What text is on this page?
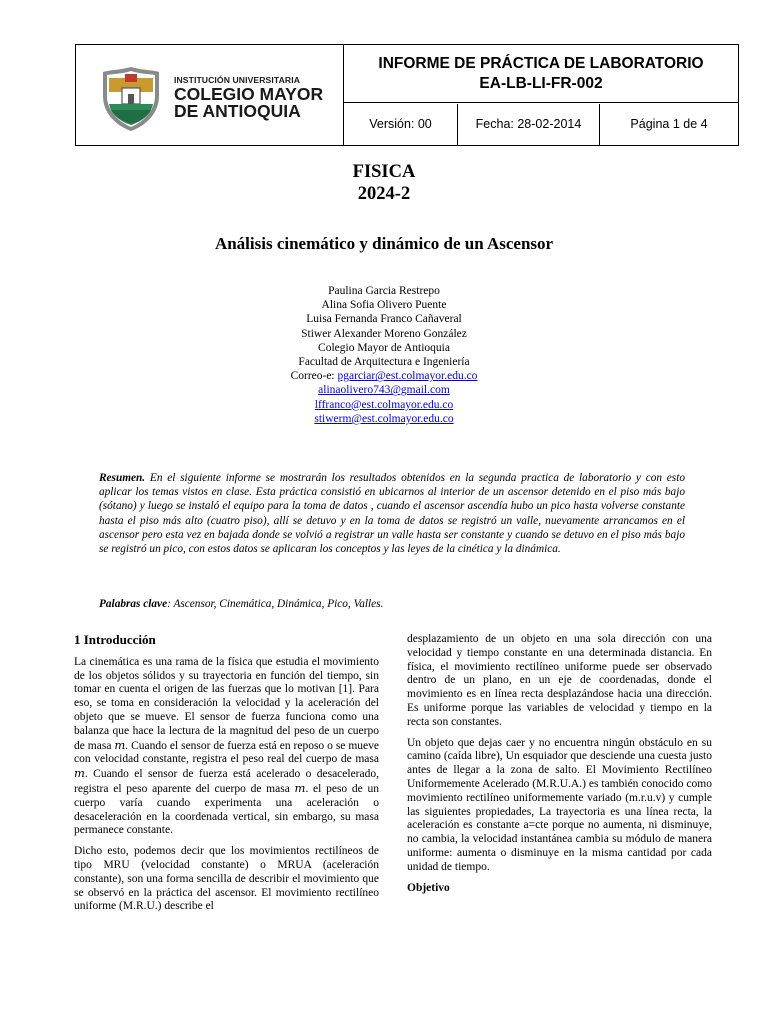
INSTITUCIÓN UNIVERSITARIA
COLEGIO MAYOR
DE ANTIOQUIA
INFORME DE PRÁCTICA DE LABORATORIO
EA-LB-LI-FR-002
Versión: 00	Fecha: 28-02-2014	Página 1 de 4
FISICA
2024-2
Análisis cinemático y dinámico de un Ascensor
Paulina Garcia Restrepo
Alina Sofia Olivero Puente
Luisa Fernanda Franco Cañaveral
Stiwer Alexander Moreno González
Colegio Mayor de Antioquia
Facultad de Arquitectura e Ingeniería
Correo-e: pgarciar@est.colmayor.edu.co
alinaolivero743@gmail.com
lffranco@est.colmayor.edu.co
stiwerm@est.colmayor.edu.co
Resumen. En el siguiente informe se mostrarán los resultados obtenidos en la segunda practica de laboratorio y con esto aplicar los temas vistos en clase. Esta práctica consistió en ubicarnos al interior de un ascensor detenido en el piso más bajo (sótano) y luego se instaló el equipo para la toma de datos , cuando el ascensor ascendía hubo un pico hasta volverse constante hasta el piso más alto (cuatro piso), allí se detuvo y en la toma de datos se registró un valle, nuevamente arrancamos en el ascensor pero esta vez en bajada donde se volvió a registrar un valle hasta ser constante y cuando se detuvo en el piso más bajo se registró un pico, con estos datos se aplicaran los conceptos y las leyes de la cinética y la dinámica.
Palabras clave: Ascensor, Cinemática, Dinámica, Pico, Valles.
1 Introducción

La cinemática es una rama de la física que estudia el movimiento de los objetos sólidos y su trayectoria en función del tiempo, sin tomar en cuenta el origen de las fuerzas que lo motivan [1]. Para eso, se toma en consideración la velocidad y la aceleración del objeto que se mueve. El sensor de fuerza funciona como una balanza que hace la lectura de la magnitud del peso de un cuerpo de masa m. Cuando el sensor de fuerza está en reposo o se mueve con velocidad constante, registra el peso real del cuerpo de masa m. Cuando el sensor de fuerza está acelerado o desacelerado, registra el peso aparente del cuerpo de masa m. el peso de un cuerpo varía cuando experimenta una aceleración o desaceleración en la coordenada vertical, sin embargo, su masa permanece constante.

Dicho esto, podemos decir que los movimientos rectilíneos de tipo MRU (velocidad constante) o MRUA (aceleración constante), son una forma sencilla de describir el movimiento que se observó en la práctica del ascensor. El movimiento rectilíneo uniforme (M.R.U.) describe el

desplazamiento de un objeto en una sola dirección con una velocidad y tiempo constante en una determinada distancia. En física, el movimiento rectilíneo uniforme puede ser observado dentro de un plano, en un eje de coordenadas, donde el movimiento es en línea recta desplazándose hacia una dirección. Es uniforme porque las variables de velocidad y tiempo en la recta son constantes.

Un objeto que dejas caer y no encuentra ningún obstáculo en su camino (caída libre), Un esquiador que desciende una cuesta justo antes de llegar a la zona de salto. El Movimiento Rectilíneo Uniformemente Acelerado (M.R.U.A.) es también conocido como movimiento rectilíneo uniformemente variado (m.r.u.v) y cumple las siguientes propiedades, La trayectoria es una línea recta, la aceleración es constante a=cte porque no aumenta, ni disminuye, no cambia, la velocidad instantánea cambia su módulo de manera uniforme: aumenta o disminuye en la misma cantidad por cada unidad de tiempo.

Objetivo
